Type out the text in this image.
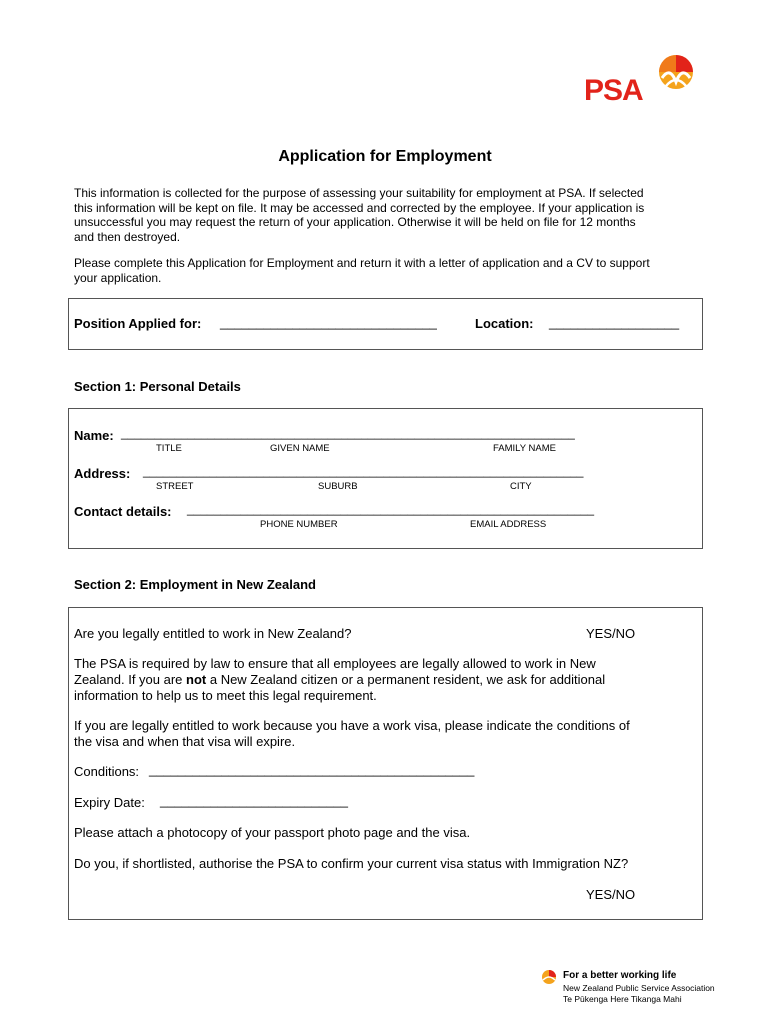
PSA
Application for Employment
This information is collected for the purpose of assessing your suitability for employment at PSA. If selected
this information will be kept on file. It may be accessed and corrected by the employee. If your application is
unsuccessful you may request the return of your application. Otherwise it will be held on file for 12 months
and then destroyed.
Please complete this Application for Employment and return it with a letter of application and a CV to support
your application.
Position Applied for: ______________________________	Location: __________________
Section 1: Personal Details
Name: ____________________________________________________________________
TITLE	GIVEN NAME	FAMILY NAME
Address: __________________________________________________________________
STREET	SUBURB	CITY
Contact details: _____________________________________________________________
PHONE NUMBER	EMAIL ADDRESS
Section 2: Employment in New Zealand
Are you legally entitled to work in New Zealand?	YES/NO
The PSA is required by law to ensure that all employees are legally allowed to work in New
Zealand. If you are not a New Zealand citizen or a permanent resident, we ask for additional
information to help us to meet this legal requirement.
If you are legally entitled to work because you have a work visa, please indicate the conditions of
the visa and when that visa will expire.
Conditions: _____________________________________________
Expiry Date: __________________________
Please attach a photocopy of your passport photo page and the visa.
Do you, if shortlisted, authorise the PSA to confirm your current visa status with Immigration NZ?
YES/NO
For a better working life
New Zealand Public Service Association
Te Pūkenga Here Tikanga Mahi
